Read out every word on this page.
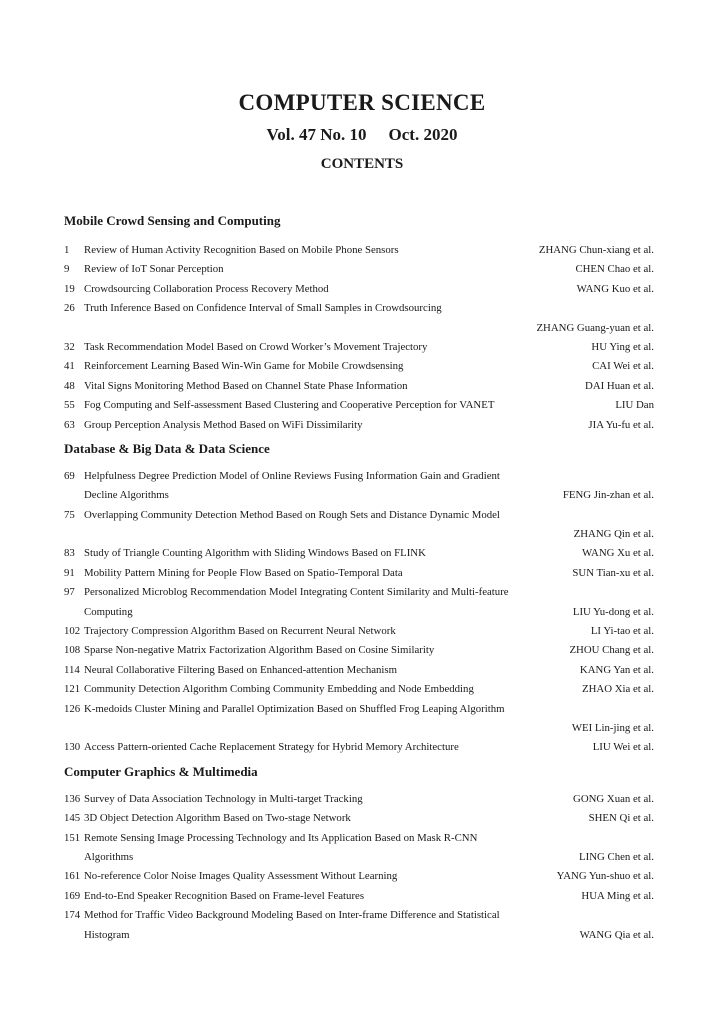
COMPUTER SCIENCE
Vol. 47 No. 10 Oct. 2020
CONTENTS
Mobile Crowd Sensing and Computing
1 Review of Human Activity Recognition Based on Mobile Phone Sensors	ZHANG Chun-xiang et al.
9 Review of IoT Sonar Perception	CHEN Chao et al.
19 Crowdsourcing Collaboration Process Recovery Method	WANG Kuo et al.
26 Truth Inference Based on Confidence Interval of Small Samples in Crowdsourcing
ZHANG Guang-yuan et al.
32 Task Recommendation Model Based on Crowd Worker’s Movement Trajectory	HU Ying et al.
41 Reinforcement Learning Based Win-Win Game for Mobile Crowdsensing	CAI Wei et al.
48 Vital Signs Monitoring Method Based on Channel State Phase Information	DAI Huan et al.
55 Fog Computing and Self-assessment Based Clustering and Cooperative Perception for VANET	LIU Dan
63 Group Perception Analysis Method Based on WiFi Dissimilarity	JIA Yu-fu et al.
Database & Big Data & Data Science
69 Helpfulness Degree Prediction Model of Online Reviews Fusing Information Gain and Gradient
Decline Algorithms	FENG Jin-zhan et al.
75 Overlapping Community Detection Method Based on Rough Sets and Distance Dynamic Model
ZHANG Qin et al.
83 Study of Triangle Counting Algorithm with Sliding Windows Based on FLINK	WANG Xu et al.
91 Mobility Pattern Mining for People Flow Based on Spatio-Temporal Data	SUN Tian-xu et al.
97 Personalized Microblog Recommendation Model Integrating Content Similarity and Multi-feature
Computing	LIU Yu-dong et al.
102 Trajectory Compression Algorithm Based on Recurrent Neural Network	LI Yi-tao et al.
108 Sparse Non-negative Matrix Factorization Algorithm Based on Cosine Similarity	ZHOU Chang et al.
114 Neural Collaborative Filtering Based on Enhanced-attention Mechanism	KANG Yan et al.
121 Community Detection Algorithm Combing Community Embedding and Node Embedding	ZHAO Xia et al.
126 K-medoids Cluster Mining and Parallel Optimization Based on Shuffled Frog Leaping Algorithm
WEI Lin-jing et al.
130 Access Pattern-oriented Cache Replacement Strategy for Hybrid Memory Architecture	LIU Wei et al.
Computer Graphics & Multimedia
136 Survey of Data Association Technology in Multi-target Tracking	GONG Xuan et al.
145 3D Object Detection Algorithm Based on Two-stage Network	SHEN Qi et al.
151 Remote Sensing Image Processing Technology and Its Application Based on Mask R-CNN
Algorithms	LING Chen et al.
161 No-reference Color Noise Images Quality Assessment Without Learning	YANG Yun-shuo et al.
169 End-to-End Speaker Recognition Based on Frame-level Features	HUA Ming et al.
174 Method for Traffic Video Background Modeling Based on Inter-frame Difference and Statistical
Histogram	WANG Qia et al.
